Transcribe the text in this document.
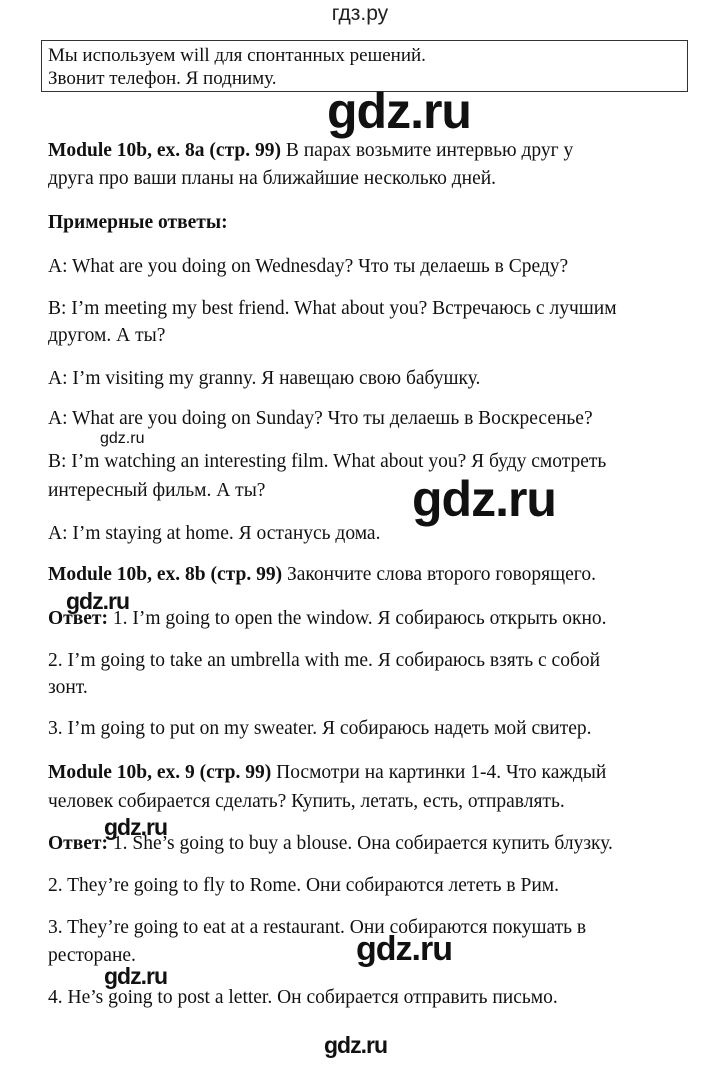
гдз.ру
Мы используем will для спонтанных решений.
Звонит телефон. Я подниму.
Module 10b, ex. 8a (стр. 99) В парах возьмите интервью друг у
друга про ваши планы на ближайшие несколько дней.
Примерные ответы:
A: What are you doing on Wednesday? Что ты делаешь в Среду?
B: I’m meeting my best friend. What about you? Встречаюсь с лучшим
другом. А ты?
A: I’m visiting my granny. Я навещаю свою бабушку.
A: What are you doing on Sunday? Что ты делаешь в Воскресенье?
B: I’m watching an interesting film. What about you? Я буду смотреть
интересный фильм. А ты?
A: I’m staying at home. Я останусь дома.
Module 10b, ex. 8b (стр. 99) Закончите слова второго говорящего.
Ответ: 1. I’m going to open the window. Я собираюсь открыть окно.
2. I’m going to take an umbrella with me. Я собираюсь взять с собой
зонт.
3. I’m going to put on my sweater. Я собираюсь надеть мой свитер.
Module 10b, ex. 9 (стр. 99) Посмотри на картинки 1-4. Что каждый
человек собирается сделать? Купить, летать, есть, отправлять.
Ответ: 1. She’s going to buy a blouse. Она собирается купить блузку.
2. They’re going to fly to Rome. Они собираются лететь в Рим.
3. They’re going to eat at a restaurant. Они собираются покушать в
ресторане.
4. He’s going to post a letter. Он собирается отправить письмо.
gdz.ru
gdz.ru
gdz.ru
gdz.ru
gdz.ru
gdz.ru
gdz.ru
gdz.ru
